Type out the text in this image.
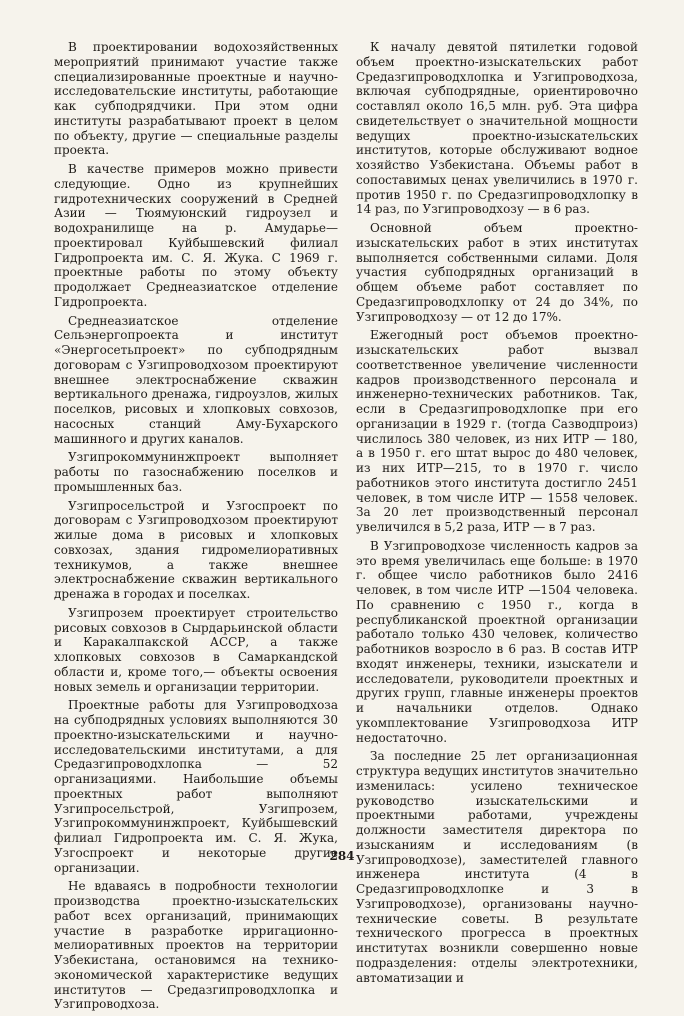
В проектировании водохозяйственных мероприятий принимают участие также специализированные проектные и научно-исследовательские институты, работающие как субподрядчики. При этом одни институты разрабатывают проект в целом по объекту, другие — специальные разделы проекта.

В качестве примеров можно привести следующие. Одно из крупнейших гидротехнических сооружений в Средней Азии — Тюямуюнский гидроузел и водохранилище на р. Амударье—проектировал Куйбышевский филиал Гидропроекта им. С. Я. Жука. С 1969 г. проектные работы по этому объекту продолжает Среднеазиатское отделение Гидропроекта.

Среднеазиатское отделение Сельэнергопроекта и институт «Энергосетьпроект» по субподрядным договорам с Узгипроводхозом проектируют внешнее электроснабжение скважин вертикального дренажа, гидроузлов, жилых поселков, рисовых и хлопковых совхозов, насосных станций Аму-Бухарского машинного и других каналов.

Узгипрокоммунинжпроект выполняет работы по газоснабжению поселков и промышленных баз.

Узгипросельстрой и Узгоспроект по договорам с Узгипроводхозом проектируют жилые дома в рисовых и хлопковых совхозах, здания гидромелиоративных техникумов, а также внешнее электроснабжение скважин вертикального дренажа в городах и поселках.

Узгипрозем проектирует строительство рисовых совхозов в Сырдарьинской области и Каракалпакской АССР, а также хлопковых совхозов в Самаркандской области и, кроме того,— объекты освоения новых земель и организации территории.

Проектные работы для Узгипроводхоза на субподрядных условиях выполняются 30 проектно-изыскательскими и научно-исследовательскими институтами, а для Средазгипроводхлопка — 52 организациями. Наибольшие объемы проектных работ выполняют Узгипросельстрой, Узгипрозем, Узгипрокоммунинжпроект, Куйбышевский филиал Гидропроекта им. С. Я. Жука, Узгоспроект и некоторые другие организации.

Не вдаваясь в подробности технологии производства проектно-изыскательских работ всех организаций, принимающих участие в разработке ирригационно-мелиоративных проектов на территории Узбекистана, остановимся на технико-экономической характеристике ведущих институтов — Средазгипроводхлопка и Узгипроводхоза.

К началу девятой пятилетки годовой объем проектно-изыскательских работ Средазгипроводхлопка и Узгипроводхоза, включая субподрядные, ориентировочно составлял около 16,5 млн. руб. Эта цифра свидетельствует о значительной мощности ведущих проектно-изыскательских институтов, которые обслуживают водное хозяйство Узбекистана. Объемы работ в сопоставимых ценах увеличились в 1970 г. против 1950 г. по Средазгипроводхлопку в 14 раз, по Узгипроводхозу — в 6 раз.

Основной объем проектно-изыскательских работ в этих институтах выполняется собственными силами. Доля участия субподрядных организаций в общем объеме работ составляет по Средазгипроводхлопку от 24 до 34%, по Узгипроводхозу — от 12 до 17%.

Ежегодный рост объемов проектно-изыскательских работ вызвал соответственное увеличение численности кадров производственного персонала и инженерно-технических работников. Так, если в Средазгипроводхлопке при его организации в 1929 г. (тогда Сазводпроиз) числилось 380 человек, из них ИТР — 180, а в 1950 г. его штат вырос до 480 человек, из них ИТР—215, то в 1970 г. число работников этого института достигло 2451 человек, в том числе ИТР — 1558 человек. За 20 лет производственный персонал увеличился в 5,2 раза, ИТР — в 7 раз.

В Узгипроводхозе численность кадров за это время увеличилась еще больше: в 1970 г. общее число работников было 2416 человек, в том числе ИТР —1504 человека. По сравнению с 1950 г., когда в республиканской проектной организации работало только 430 человек, количество работников возросло в 6 раз. В состав ИТР входят инженеры, техники, изыскатели и исследователи, руководители проектных и других групп, главные инженеры проектов и начальники отделов. Однако укомплектование Узгипроводхоза ИТР недостаточно.

За последние 25 лет организационная структура ведущих институтов значительно изменилась: усилено техническое руководство изыскательскими и проектными работами, учреждены должности заместителя директора по изысканиям и исследованиям (в Узгипроводхозе), заместителей главного инженера института (4 в Средазгипроводхлопке и 3 в Узгипроводхозе), организованы научно-технические советы. В результате технического прогресса в проектных институтах возникли совершенно новые подразделения: отделы электротехники, автоматизации и

284
